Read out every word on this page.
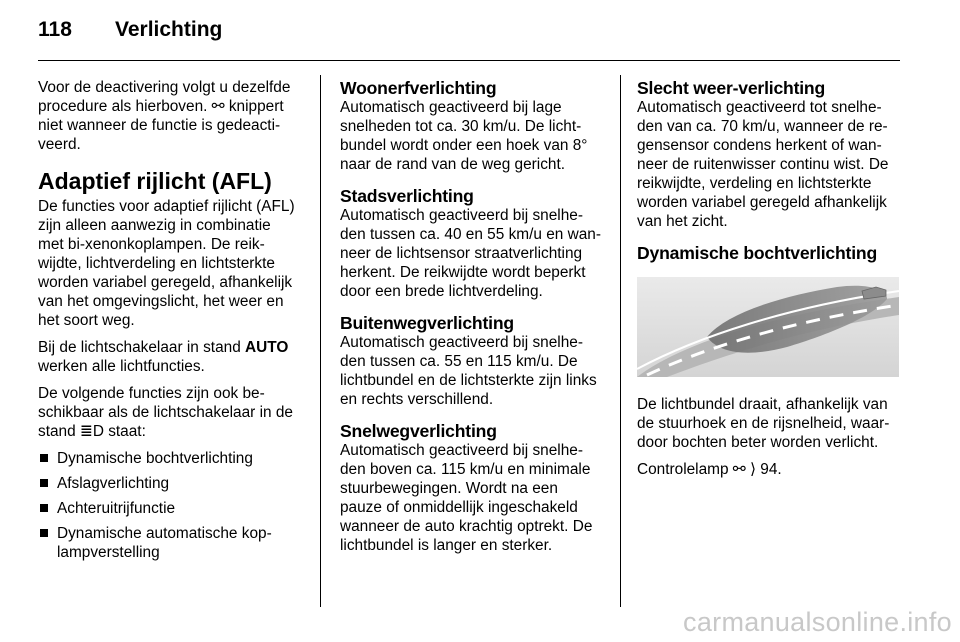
118 Verlichting

Voor de deactivering volgt u dezelfde
procedure als hierboven. ⚯ knippert
niet wanneer de functie is gedeacti-
veerd.

Adaptief rijlicht (AFL)

De functies voor adaptief rijlicht (AFL)
zijn alleen aanwezig in combinatie
met bi-xenonkoplampen. De reik-
wijdte, lichtverdeling en lichtsterkte
worden variabel geregeld, afhankelijk
van het omgevingslicht, het weer en
het soort weg.

Bij de lichtschakelaar in stand AUTO
werken alle lichtfuncties.

De volgende functies zijn ook be-
schikbaar als de lichtschakelaar in de
stand ≣D staat:

Dynamische bochtverlichting
Afslagverlichting
Achteruitrijfunctie
Dynamische automatische kop-
lampverstelling
Woonerfverlichting

Automatisch geactiveerd bij lage
snelheden tot ca. 30 km/u. De licht-
bundel wordt onder een hoek van 8°
naar de rand van de weg gericht.

Stadsverlichting

Automatisch geactiveerd bij snelhe-
den tussen ca. 40 en 55 km/u en wan-
neer de lichtsensor straatverlichting
herkent. De reikwijdte wordt beperkt
door een brede lichtverdeling.

Buitenwegverlichting

Automatisch geactiveerd bij snelhe-
den tussen ca. 55 en 115 km/u. De
lichtbundel en de lichtsterkte zijn links
en rechts verschillend.

Snelwegverlichting

Automatisch geactiveerd bij snelhe-
den boven ca. 115 km/u en minimale
stuurbewegingen. Wordt na een
pauze of onmiddellijk ingeschakeld
wanneer de auto krachtig optrekt. De
lichtbundel is langer en sterker.

Slecht weer-verlichting

Automatisch geactiveerd tot snelhe-
den van ca. 70 km/u, wanneer de re-
gensensor condens herkent of wan-
neer de ruitenwisser continu wist. De
reikwijdte, verdeling en lichtsterkte
worden variabel geregeld afhankelijk
van het zicht.

Dynamische bochtverlichting

De lichtbundel draait, afhankelijk van
de stuurhoek en de rijsnelheid, waar-
door bochten beter worden verlicht.

Controlelamp ⚯ ⟩ 94.

carmanualsonline.info
